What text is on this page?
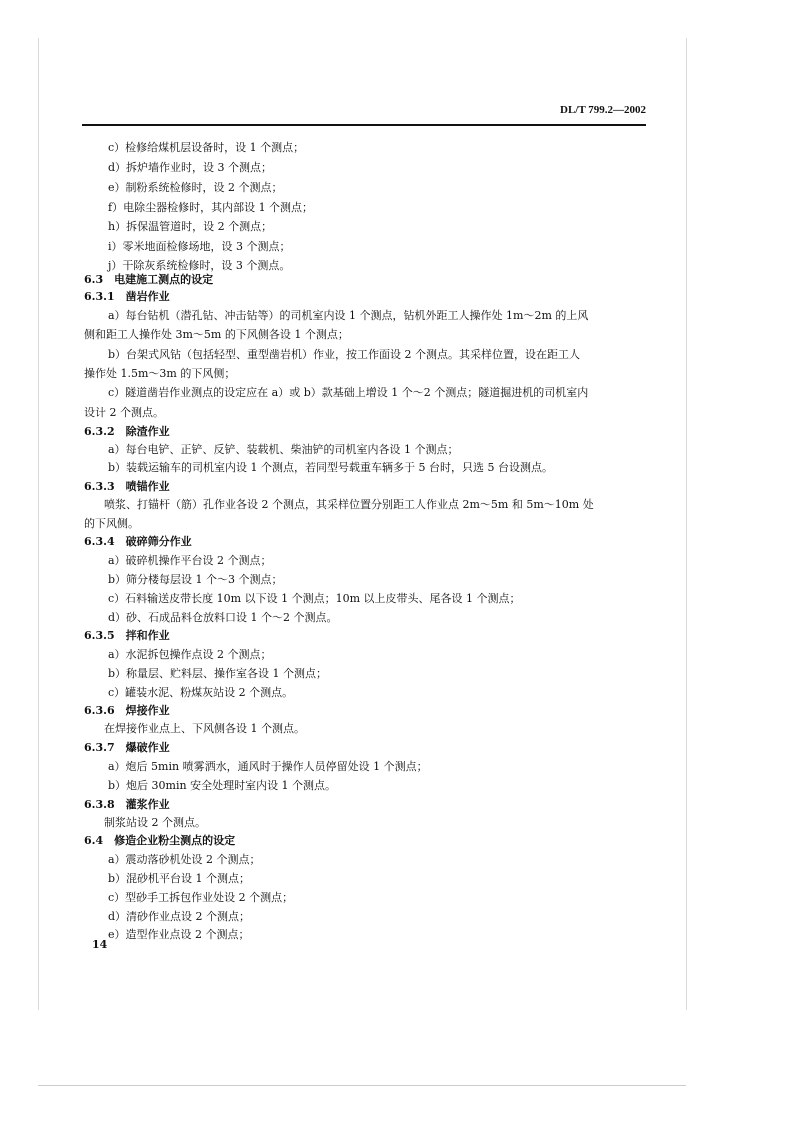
DL/T 799.2—2002
c）检修给煤机层设备时，设 1 个测点；
d）拆炉墙作业时，设 3 个测点；
e）制粉系统检修时，设 2 个测点；
f）电除尘器检修时，其内部设 1 个测点；
h）拆保温管道时，设 2 个测点；
i）零米地面检修场地，设 3 个测点；
j）干除灰系统检修时，设 3 个测点。
6.3　电建施工测点的设定
6.3.1　凿岩作业
a）每台钻机（潜孔钻、冲击钻等）的司机室内设 1 个测点，钻机外距工人操作处 1m～2m 的上风
侧和距工人操作处 3m～5m 的下风侧各设 1 个测点；
b）台架式风钻（包括轻型、重型凿岩机）作业，按工作面设 2 个测点。其采样位置，设在距工人
操作处 1.5m～3m 的下风侧；
c）隧道凿岩作业测点的设定应在 a）或 b）款基础上增设 1 个～2 个测点；隧道掘进机的司机室内
设计 2 个测点。
6.3.2　除渣作业
a）每台电铲、正铲、反铲、装载机、柴油铲的司机室内各设 1 个测点；
b）装载运输车的司机室内设 1 个测点，若同型号载重车辆多于 5 台时，只选 5 台设测点。
6.3.3　喷锚作业
喷浆、打锚杆（筋）孔作业各设 2 个测点，其采样位置分别距工人作业点 2m～5m 和 5m～10m 处
的下风侧。
6.3.4　破碎筛分作业
a）破碎机操作平台设 2 个测点；
b）筛分楼每层设 1 个～3 个测点；
c）石料输送皮带长度 10m 以下设 1 个测点；10m 以上皮带头、尾各设 1 个测点；
d）砂、石成品料仓放料口设 1 个～2 个测点。
6.3.5　拌和作业
a）水泥拆包操作点设 2 个测点；
b）称量层、贮料层、操作室各设 1 个测点；
c）罐装水泥、粉煤灰站设 2 个测点。
6.3.6　焊接作业
在焊接作业点上、下风侧各设 1 个测点。
6.3.7　爆破作业
a）炮后 5min 喷雾洒水，通风时于操作人员停留处设 1 个测点；
b）炮后 30min 安全处理时室内设 1 个测点。
6.3.8　灌浆作业
制浆站设 2 个测点。
6.4　修造企业粉尘测点的设定
a）震动落砂机处设 2 个测点；
b）混砂机平台设 1 个测点；
c）型砂手工拆包作业处设 2 个测点；
d）清砂作业点设 2 个测点；
e）造型作业点设 2 个测点；
14
